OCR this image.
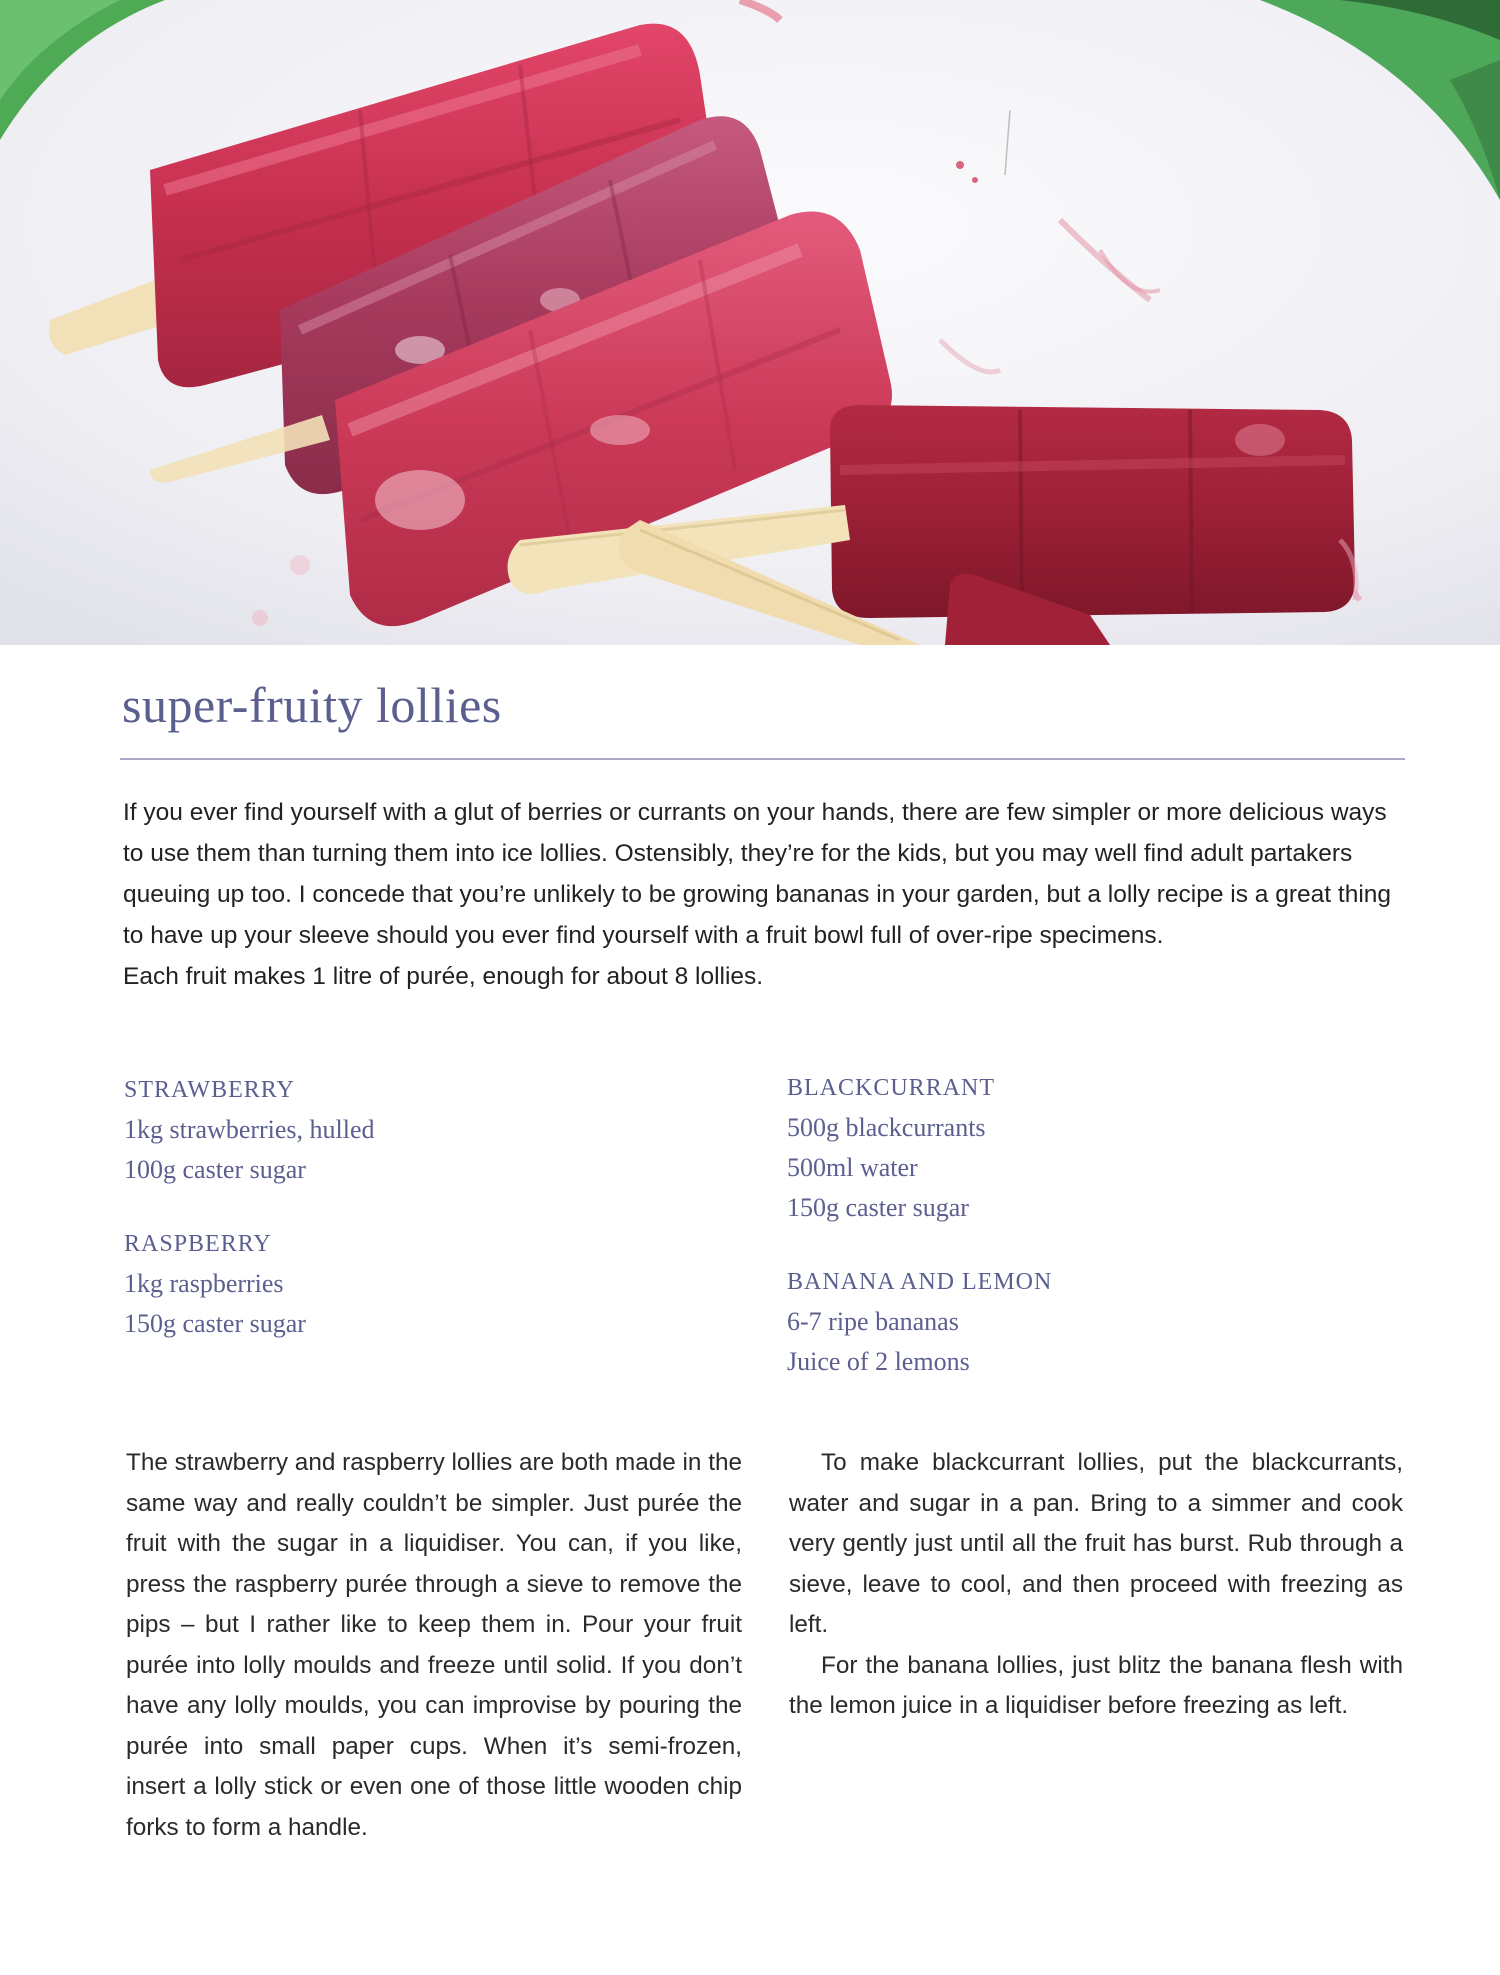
super-fruity lollies

If you ever find yourself with a glut of berries or currants on your hands, there are few simpler or more delicious ways to use them than turning them into ice lollies. Ostensibly, they’re for the kids, but you may well find adult partakers queuing up too. I concede that you’re unlikely to be growing bananas in your garden, but a lolly recipe is a great thing to have up your sleeve should you ever find yourself with a fruit bowl full of over-ripe specimens.

Each fruit makes 1 litre of purée, enough for about 8 lollies.

STRAWBERRY
1kg strawberries, hulled
100g caster sugar
RASPBERRY
1kg raspberries
150g caster sugar
BLACKCURRANT
500g blackcurrants
500ml water
150g caster sugar
BANANA AND LEMON
6-7 ripe bananas
Juice of 2 lemons

The strawberry and raspberry lollies are both made in the same way and really couldn’t be simpler. Just purée the fruit with the sugar in a liquidiser. You can, if you like, press the raspberry purée through a sieve to remove the pips – but I rather like to keep them in. Pour your fruit purée into lolly moulds and freeze until solid. If you don’t have any lolly moulds, you can improvise by pouring the purée into small paper cups. When it’s semi-frozen, insert a lolly stick or even one of those little wooden chip forks to form a handle.

To make blackcurrant lollies, put the blackcurrants, water and sugar in a pan. Bring to a simmer and cook very gently just until all the fruit has burst. Rub through a sieve, leave to cool, and then proceed with freezing as left.

For the banana lollies, just blitz the banana flesh with the lemon juice in a liquidiser before freezing as left.
